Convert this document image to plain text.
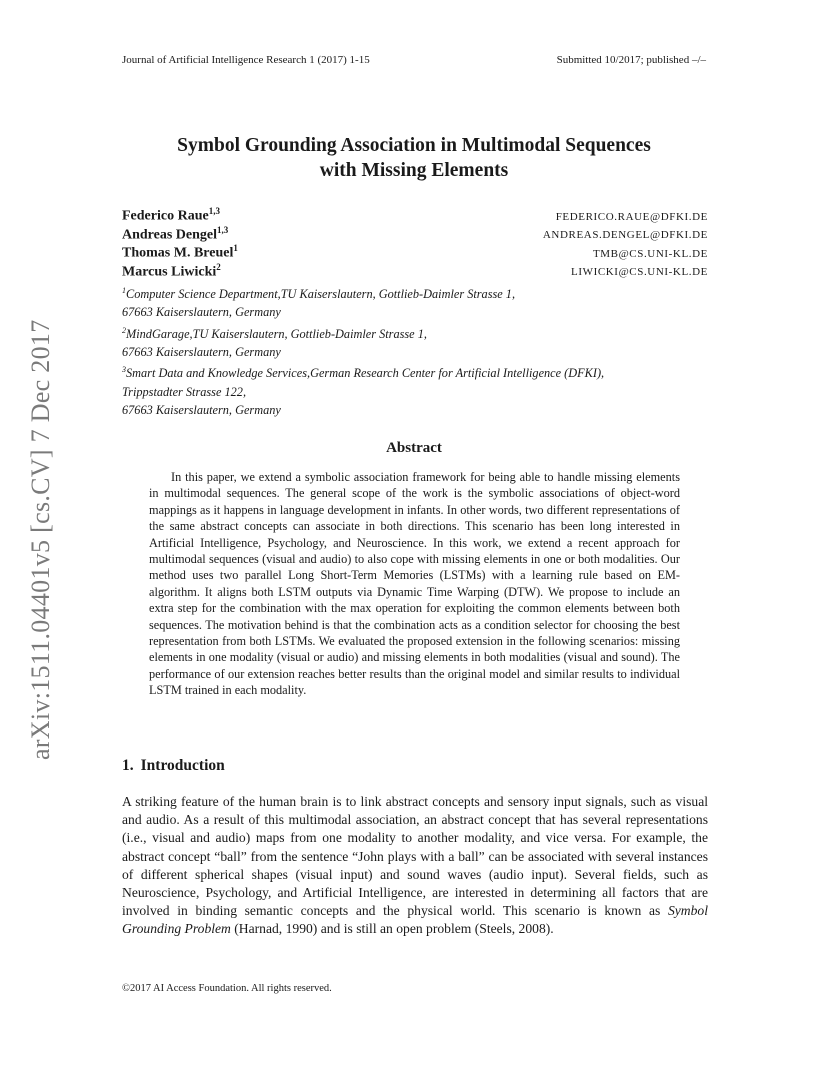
Journal of Artificial Intelligence Research 1 (2017) 1-15	Submitted 10/2017; published –/–
arXiv:1511.04401v5 [cs.CV] 7 Dec 2017
Symbol Grounding Association in Multimodal Sequences
with Missing Elements
Federico Raue$^{1,3}$	FEDERICO.RAUE@DFKI.DE
Andreas Dengel$^{1,3}$	ANDREAS.DENGEL@DFKI.DE
Thomas M. Breuel$^1$	TMB@CS.UNI-KL.DE
Marcus Liwicki$^2$	LIWICKI@CS.UNI-KL.DE
$^1$Computer Science Department,TU Kaiserslautern, Gottlieb-Daimler Strasse 1,
67663 Kaiserslautern, Germany
$^2$MindGarage,TU Kaiserslautern, Gottlieb-Daimler Strasse 1,
67663 Kaiserslautern, Germany
$^3$Smart Data and Knowledge Services,German Research Center for Artificial Intelligence (DFKI),
Trippstadter Strasse 122,
67663 Kaiserslautern, Germany
Abstract
In this paper, we extend a symbolic association framework for being able to handle missing elements in multimodal sequences. The general scope of the work is the symbolic associations of object-word mappings as it happens in language development in infants. In other words, two different representations of the same abstract concepts can associate in both directions. This scenario has been long interested in Artificial Intelligence, Psychology, and Neuroscience. In this work, we extend a recent approach for multimodal sequences (visual and audio) to also cope with missing elements in one or both modalities. Our method uses two parallel Long Short-Term Memories (LSTMs) with a learning rule based on EM-algorithm. It aligns both LSTM outputs via Dynamic Time Warping (DTW). We propose to include an extra step for the combination with the max operation for exploiting the common elements between both sequences. The motivation behind is that the combination acts as a condition selector for choosing the best representation from both LSTMs. We evaluated the proposed extension in the following scenarios: missing elements in one modality (visual or audio) and missing elements in both modalities (visual and sound). The performance of our extension reaches better results than the original model and similar results to individual LSTM trained in each modality.
1. Introduction
A striking feature of the human brain is to link abstract concepts and sensory input signals, such as visual and audio. As a result of this multimodal association, an abstract concept that has several representations (i.e., visual and audio) maps from one modality to another modality, and vice versa. For example, the abstract concept “ball” from the sentence “John plays with a ball” can be associated with several instances of different spherical shapes (visual input) and sound waves (audio input). Several fields, such as Neuroscience, Psychology, and Artificial Intelligence, are interested in determining all factors that are involved in binding semantic concepts and the physical world. This scenario is known as Symbol Grounding Problem (Harnad, 1990) and is still an open problem (Steels, 2008).
©2017 AI Access Foundation. All rights reserved.
